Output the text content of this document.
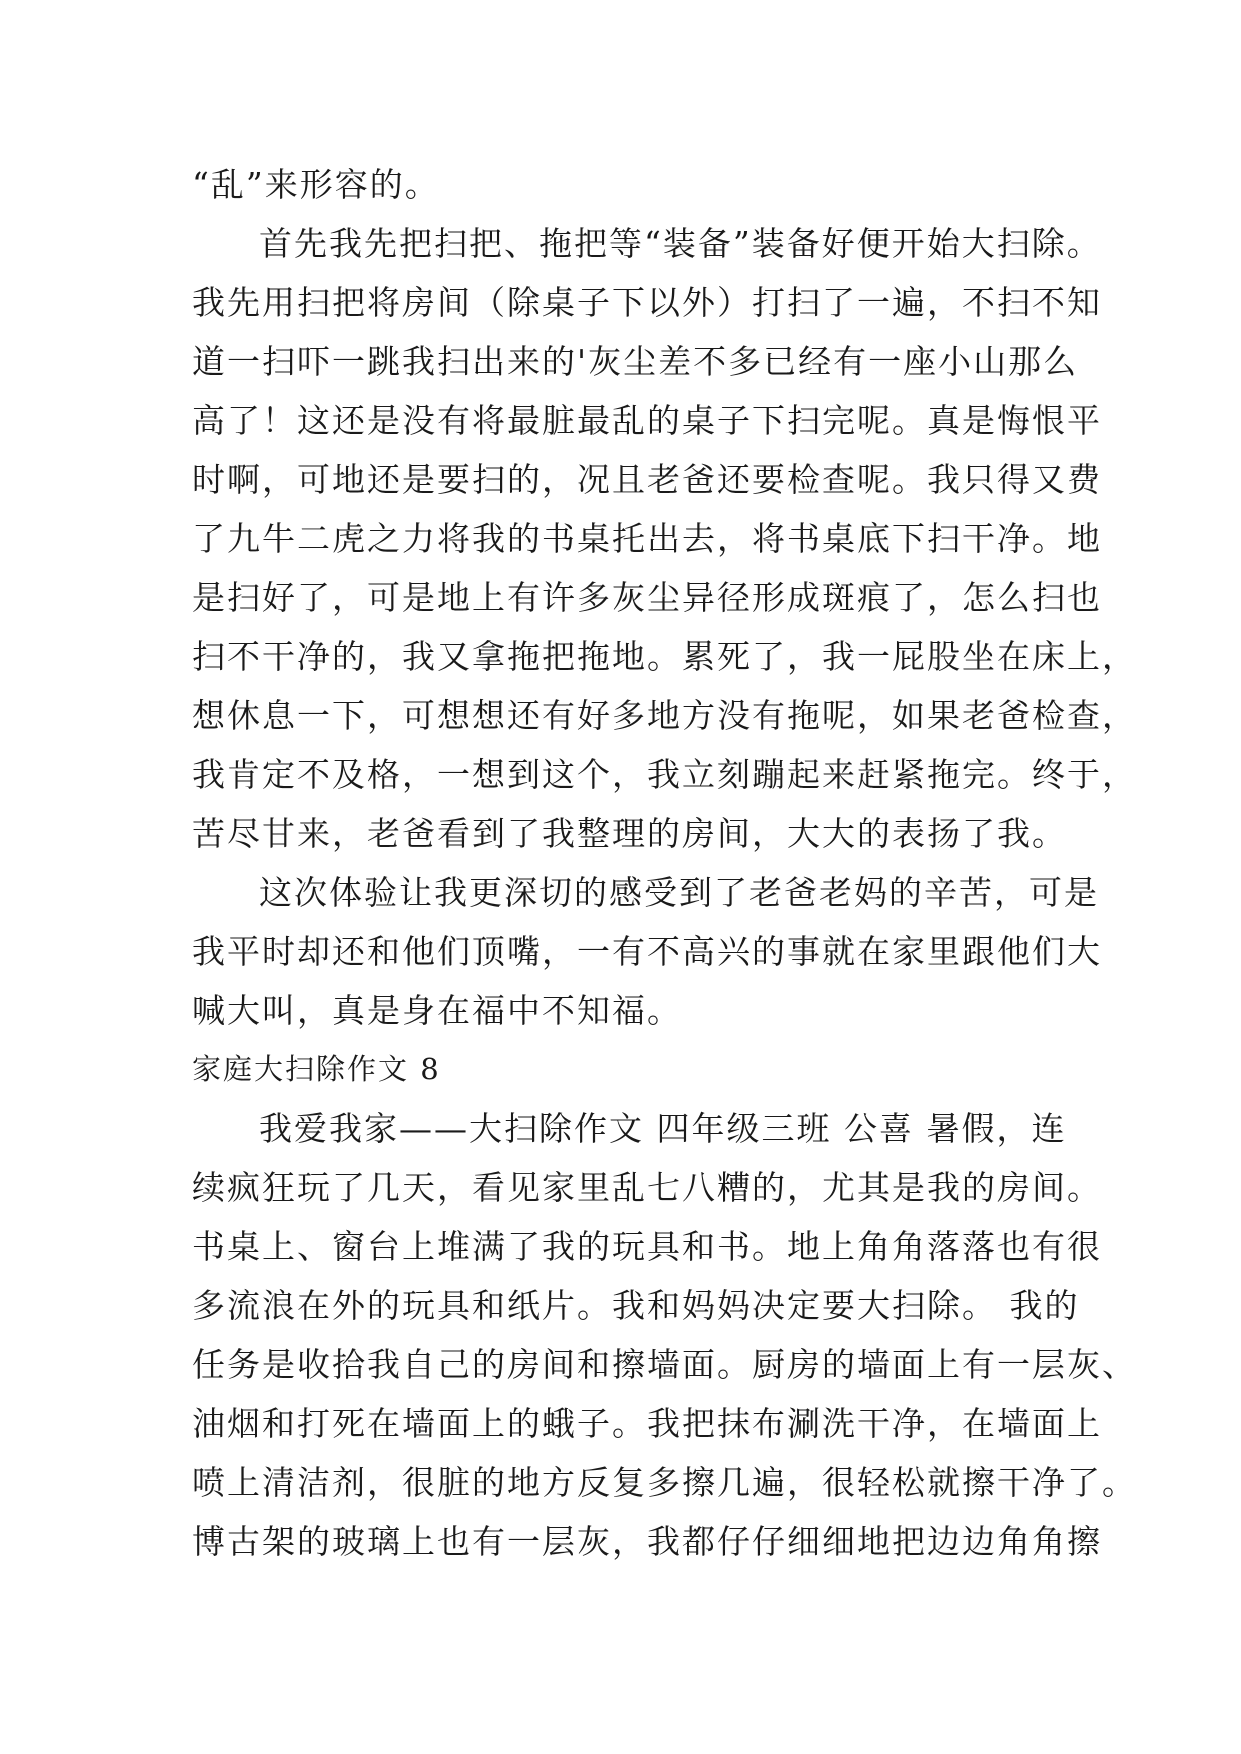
“乱”来形容的。
首先我先把扫把、拖把等“装备”装备好便开始大扫除。
我先用扫把将房间（除桌子下以外）打扫了一遍，不扫不知
道一扫吓一跳我扫出来的'灰尘差不多已经有一座小山那么
高了！这还是没有将最脏最乱的桌子下扫完呢。真是悔恨平
时啊，可地还是要扫的，况且老爸还要检查呢。我只得又费
了九牛二虎之力将我的书桌托出去，将书桌底下扫干净。地
是扫好了，可是地上有许多灰尘异径形成斑痕了，怎么扫也
扫不干净的，我又拿拖把拖地。累死了，我一屁股坐在床上，
想休息一下，可想想还有好多地方没有拖呢，如果老爸检查，
我肯定不及格，一想到这个，我立刻蹦起来赶紧拖完。终于，
苦尽甘来，老爸看到了我整理的房间，大大的表扬了我。
这次体验让我更深切的感受到了老爸老妈的辛苦，可是
我平时却还和他们顶嘴，一有不高兴的事就在家里跟他们大
喊大叫，真是身在福中不知福。
家庭大扫除作文 8
我爱我家——大扫除作文 四年级三班 公喜 暑假，连
续疯狂玩了几天，看见家里乱七八糟的，尤其是我的房间。
书桌上、窗台上堆满了我的玩具和书。地上角角落落也有很
多流浪在外的玩具和纸片。我和妈妈决定要大扫除。 我的
任务是收拾我自己的房间和擦墙面。厨房的墙面上有一层灰、
油烟和打死在墙面上的蛾子。我把抹布涮洗干净，在墙面上
喷上清洁剂，很脏的地方反复多擦几遍，很轻松就擦干净了。
博古架的玻璃上也有一层灰，我都仔仔细细地把边边角角擦
